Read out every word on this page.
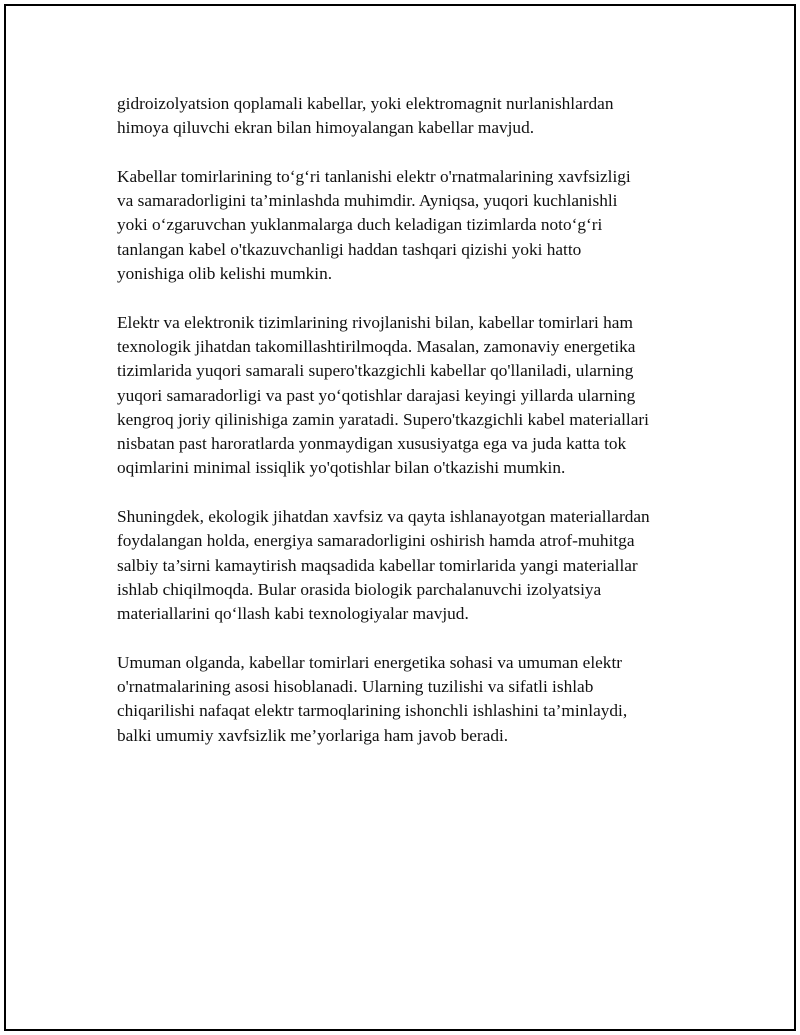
gidroizolyatsion qoplamali kabellar, yoki elektromagnit nurlanishlardan
himoya qiluvchi ekran bilan himoyalangan kabellar mavjud.
Kabellar tomirlarining to‘g‘ri tanlanishi elektr o'rnatmalarining xavfsizligi
va samaradorligini ta’minlashda muhimdir. Ayniqsa, yuqori kuchlanishli
yoki o‘zgaruvchan yuklanmalarga duch keladigan tizimlarda noto‘g‘ri
tanlangan kabel o'tkazuvchanligi haddan tashqari qizishi yoki hatto
yonishiga olib kelishi mumkin.
Elektr va elektronik tizimlarining rivojlanishi bilan, kabellar tomirlari ham
texnologik jihatdan takomillashtirilmoqda. Masalan, zamonaviy energetika
tizimlarida yuqori samarali supero'tkazgichli kabellar qo'llaniladi, ularning
yuqori samaradorligi va past yo‘qotishlar darajasi keyingi yillarda ularning
kengroq joriy qilinishiga zamin yaratadi. Supero'tkazgichli kabel materiallari
nisbatan past haroratlarda yonmaydigan xususiyatga ega va juda katta tok
oqimlarini minimal issiqlik yo'qotishlar bilan o'tkazishi mumkin.
Shuningdek, ekologik jihatdan xavfsiz va qayta ishlanayotgan materiallardan
foydalangan holda, energiya samaradorligini oshirish hamda atrof-muhitga
salbiy ta’sirni kamaytirish maqsadida kabellar tomirlarida yangi materiallar
ishlab chiqilmoqda. Bular orasida biologik parchalanuvchi izolyatsiya
materiallarini qo‘llash kabi texnologiyalar mavjud.
Umuman olganda, kabellar tomirlari energetika sohasi va umuman elektr
o'rnatmalarining asosi hisoblanadi. Ularning tuzilishi va sifatli ishlab
chiqarilishi nafaqat elektr tarmoqlarining ishonchli ishlashini ta’minlaydi,
balki umumiy xavfsizlik me’yorlariga ham javob beradi.
